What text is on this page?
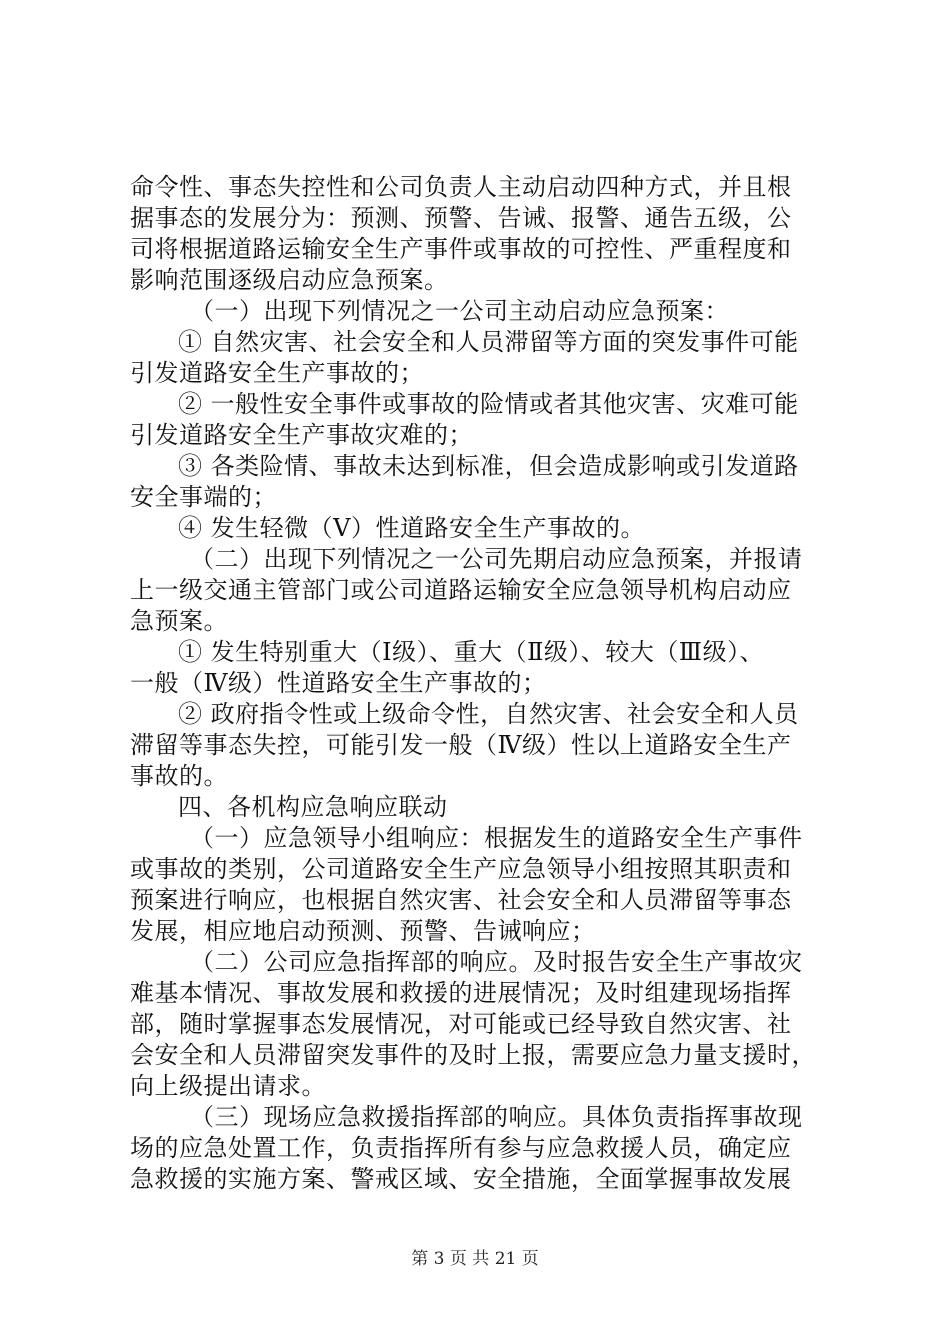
命令性、事态失控性和公司负责人主动启动四种方式，并且根
据事态的发展分为：预测、预警、告诫、报警、通告五级，公
司将根据道路运输安全生产事件或事故的可控性、严重程度和
影响范围逐级启动应急预案。
（一）出现下列情况之一公司主动启动应急预案：
① 自然灾害、社会安全和人员滞留等方面的突发事件可能
引发道路安全生产事故的；
② 一般性安全事件或事故的险情或者其他灾害、灾难可能
引发道路安全生产事故灾难的；
③ 各类险情、事故未达到标准，但会造成影响或引发道路
安全事端的；
④ 发生轻微（Ⅴ）性道路安全生产事故的。
（二）出现下列情况之一公司先期启动应急预案，并报请
上一级交通主管部门或公司道路运输安全应急领导机构启动应
急预案。
① 发生特别重大（Ⅰ级）、重大（Ⅱ级）、较大（Ⅲ级）、
一般（Ⅳ级）性道路安全生产事故的；
② 政府指令性或上级命令性，自然灾害、社会安全和人员
滞留等事态失控，可能引发一般（Ⅳ级）性以上道路安全生产
事故的。
四、各机构应急响应联动
（一）应急领导小组响应：根据发生的道路安全生产事件
或事故的类别，公司道路安全生产应急领导小组按照其职责和
预案进行响应，也根据自然灾害、社会安全和人员滞留等事态
发展，相应地启动预测、预警、告诫响应；
（二）公司应急指挥部的响应。及时报告安全生产事故灾
难基本情况、事故发展和救援的进展情况；及时组建现场指挥
部，随时掌握事态发展情况，对可能或已经导致自然灾害、社
会安全和人员滞留突发事件的及时上报，需要应急力量支援时，
向上级提出请求。
（三）现场应急救援指挥部的响应。具体负责指挥事故现
场的应急处置工作，负责指挥所有参与应急救援人员，确定应
急救援的实施方案、警戒区域、安全措施，全面掌握事故发展
第 3 页 共 21 页
